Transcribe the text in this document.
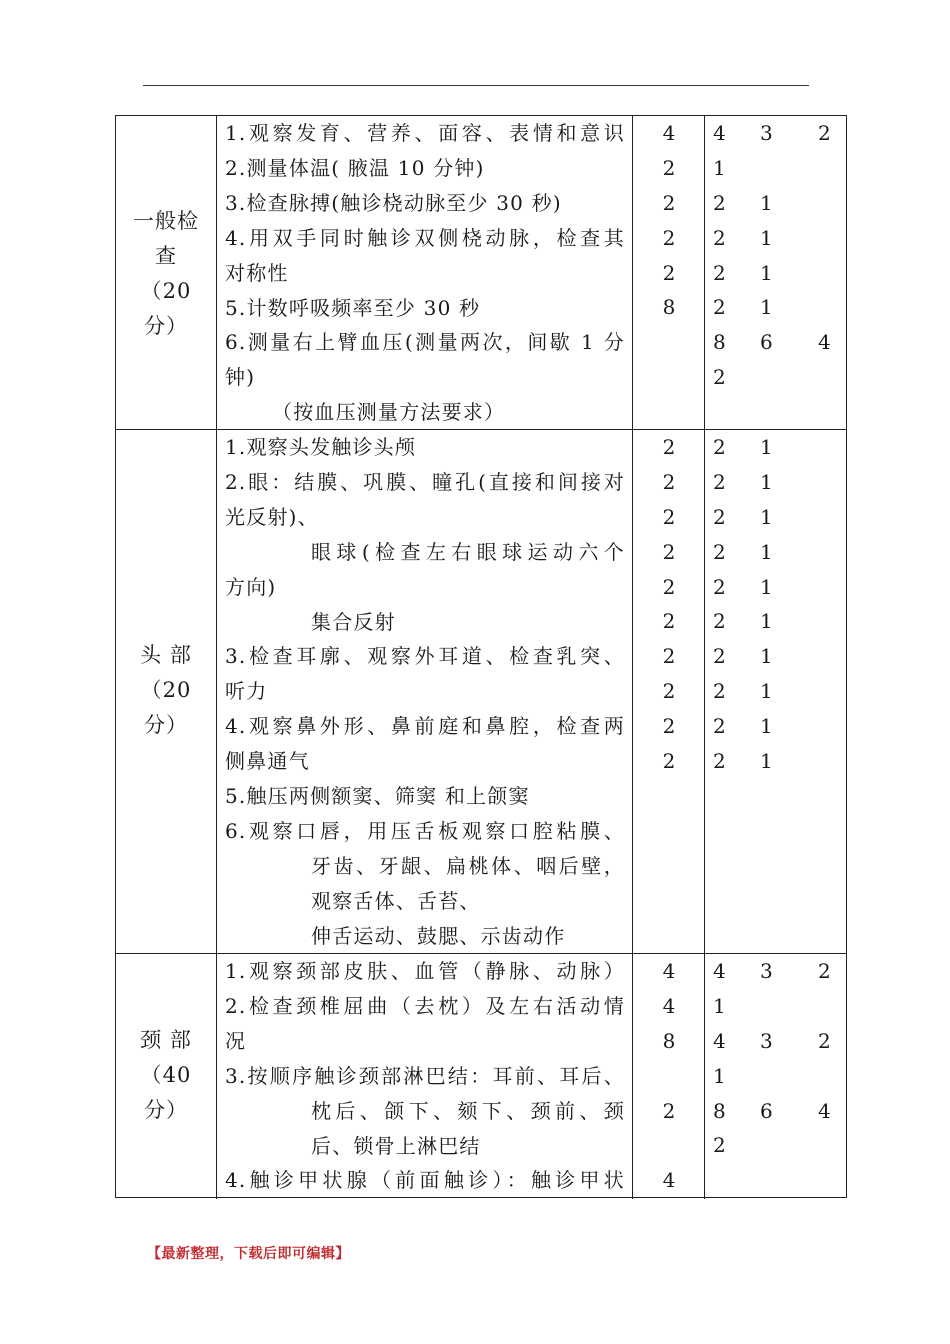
一般检
查
（20
分）
1.观察发育、营养、面容、表情和意识
2.测量体温( 腋温 10 分钟)
3.检查脉搏(触诊桡动脉至少 30 秒)
4.用双手同时触诊双侧桡动脉，检查其
对称性
5.计数呼吸频率至少 30 秒
6.测量右上臂血压(测量两次，间歇 1 分
钟)
（按血压测量方法要求）
4
2
2
2
2
8
4 3 2
1
2 1
2 1
2 1
2 1
8 6 4
2
头 部
（20
分）
1.观察头发触诊头颅
2.眼：结膜、巩膜、瞳孔(直接和间接对
光反射)、
眼球(检查左右眼球运动六个
方向)
集合反射
3.检查耳廓、观察外耳道、检查乳突、
听力
4.观察鼻外形、鼻前庭和鼻腔，检查两
侧鼻通气
5.触压两侧额窦、筛窦 和上颌窦
6.观察口唇，用压舌板观察口腔粘膜、
牙齿、牙龈、扁桃体、咽后壁，
观察舌体、舌苔、
伸舌运动、鼓腮、示齿动作
2
2
2
2
2
2
2
2
2
2
2 1
2 1
2 1
2 1
2 1
2 1
2 1
2 1
2 1
2 1
颈 部
（40
分）
1.观察颈部皮肤、血管（静脉、动脉）
2.检查颈椎屈曲（去枕）及左右活动情
况
3.按顺序触诊颈部淋巴结：耳前、耳后、
枕后、颌下、颏下、颈前、颈
后、锁骨上淋巴结
4.触诊甲状腺（前面触诊）：触诊甲状
4
4
8
2
4
4 3 2
1
4 3 2
1
8 6 4
2
【最新整理，下载后即可编辑】
